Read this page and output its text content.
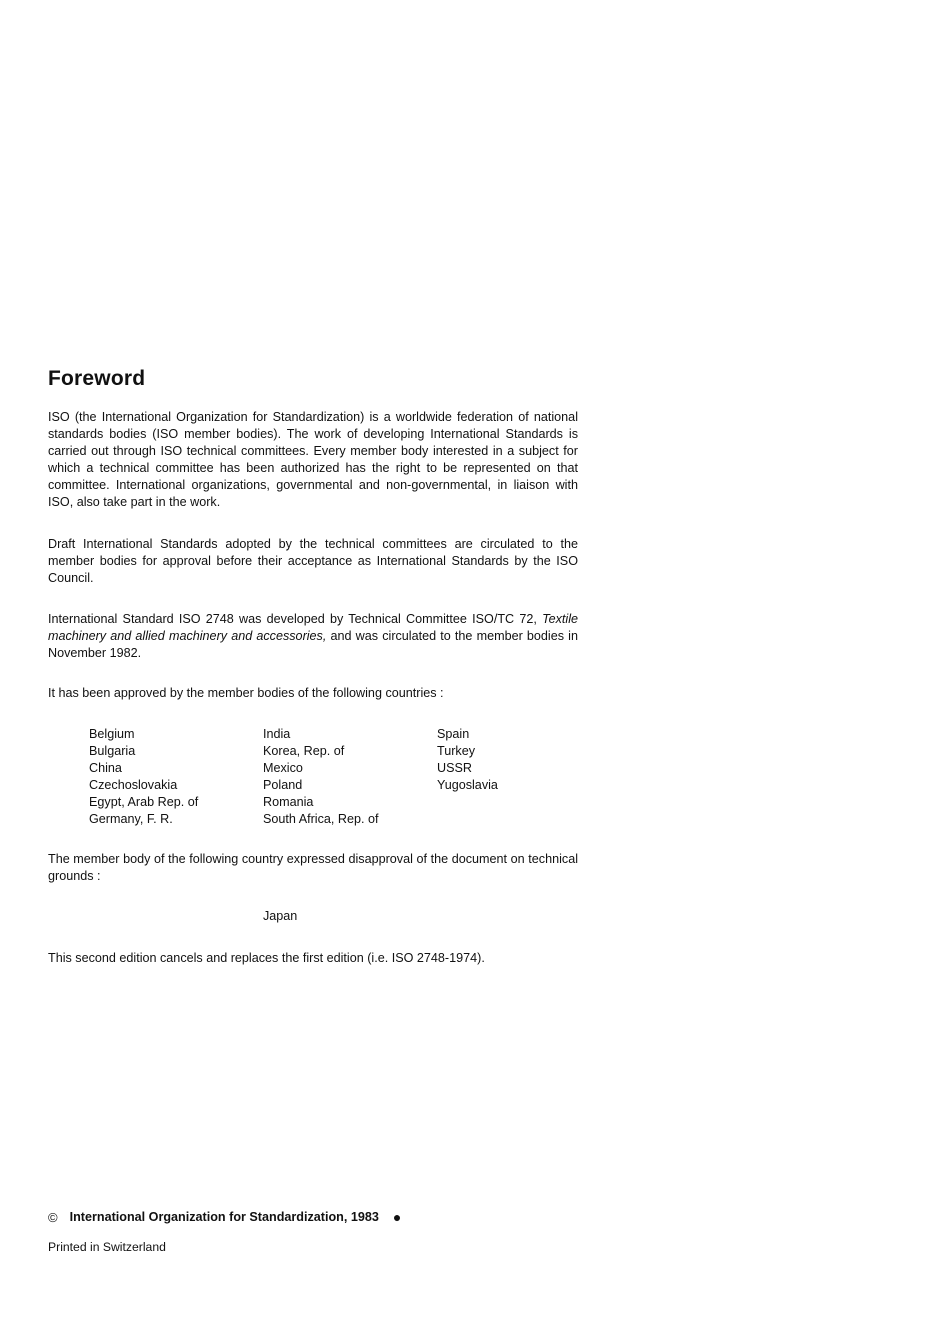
Foreword

ISO (the International Organization for Standardization) is a worldwide federation of national standards bodies (ISO member bodies). The work of developing International Standards is carried out through ISO technical committees. Every member body interested in a subject for which a technical committee has been authorized has the right to be represented on that committee. International organizations, governmental and non-governmental, in liaison with ISO, also take part in the work.

Draft International Standards adopted by the technical committees are circulated to the member bodies for approval before their acceptance as International Standards by the ISO Council.

International Standard ISO 2748 was developed by Technical Committee ISO/TC 72, Textile machinery and allied machinery and accessories, and was circulated to the member bodies in November 1982.

It has been approved by the member bodies of the following countries :

Belgium
Bulgaria
China
Czechoslovakia
Egypt, Arab Rep. of
Germany, F. R.
India
Korea, Rep. of
Mexico
Poland
Romania
South Africa, Rep. of
Spain
Turkey
USSR
Yugoslavia

The member body of the following country expressed disapproval of the document on technical grounds :

Japan

This second edition cancels and replaces the first edition (i.e. ISO 2748-1974).

© International Organization for Standardization, 1983 ●
Printed in Switzerland
